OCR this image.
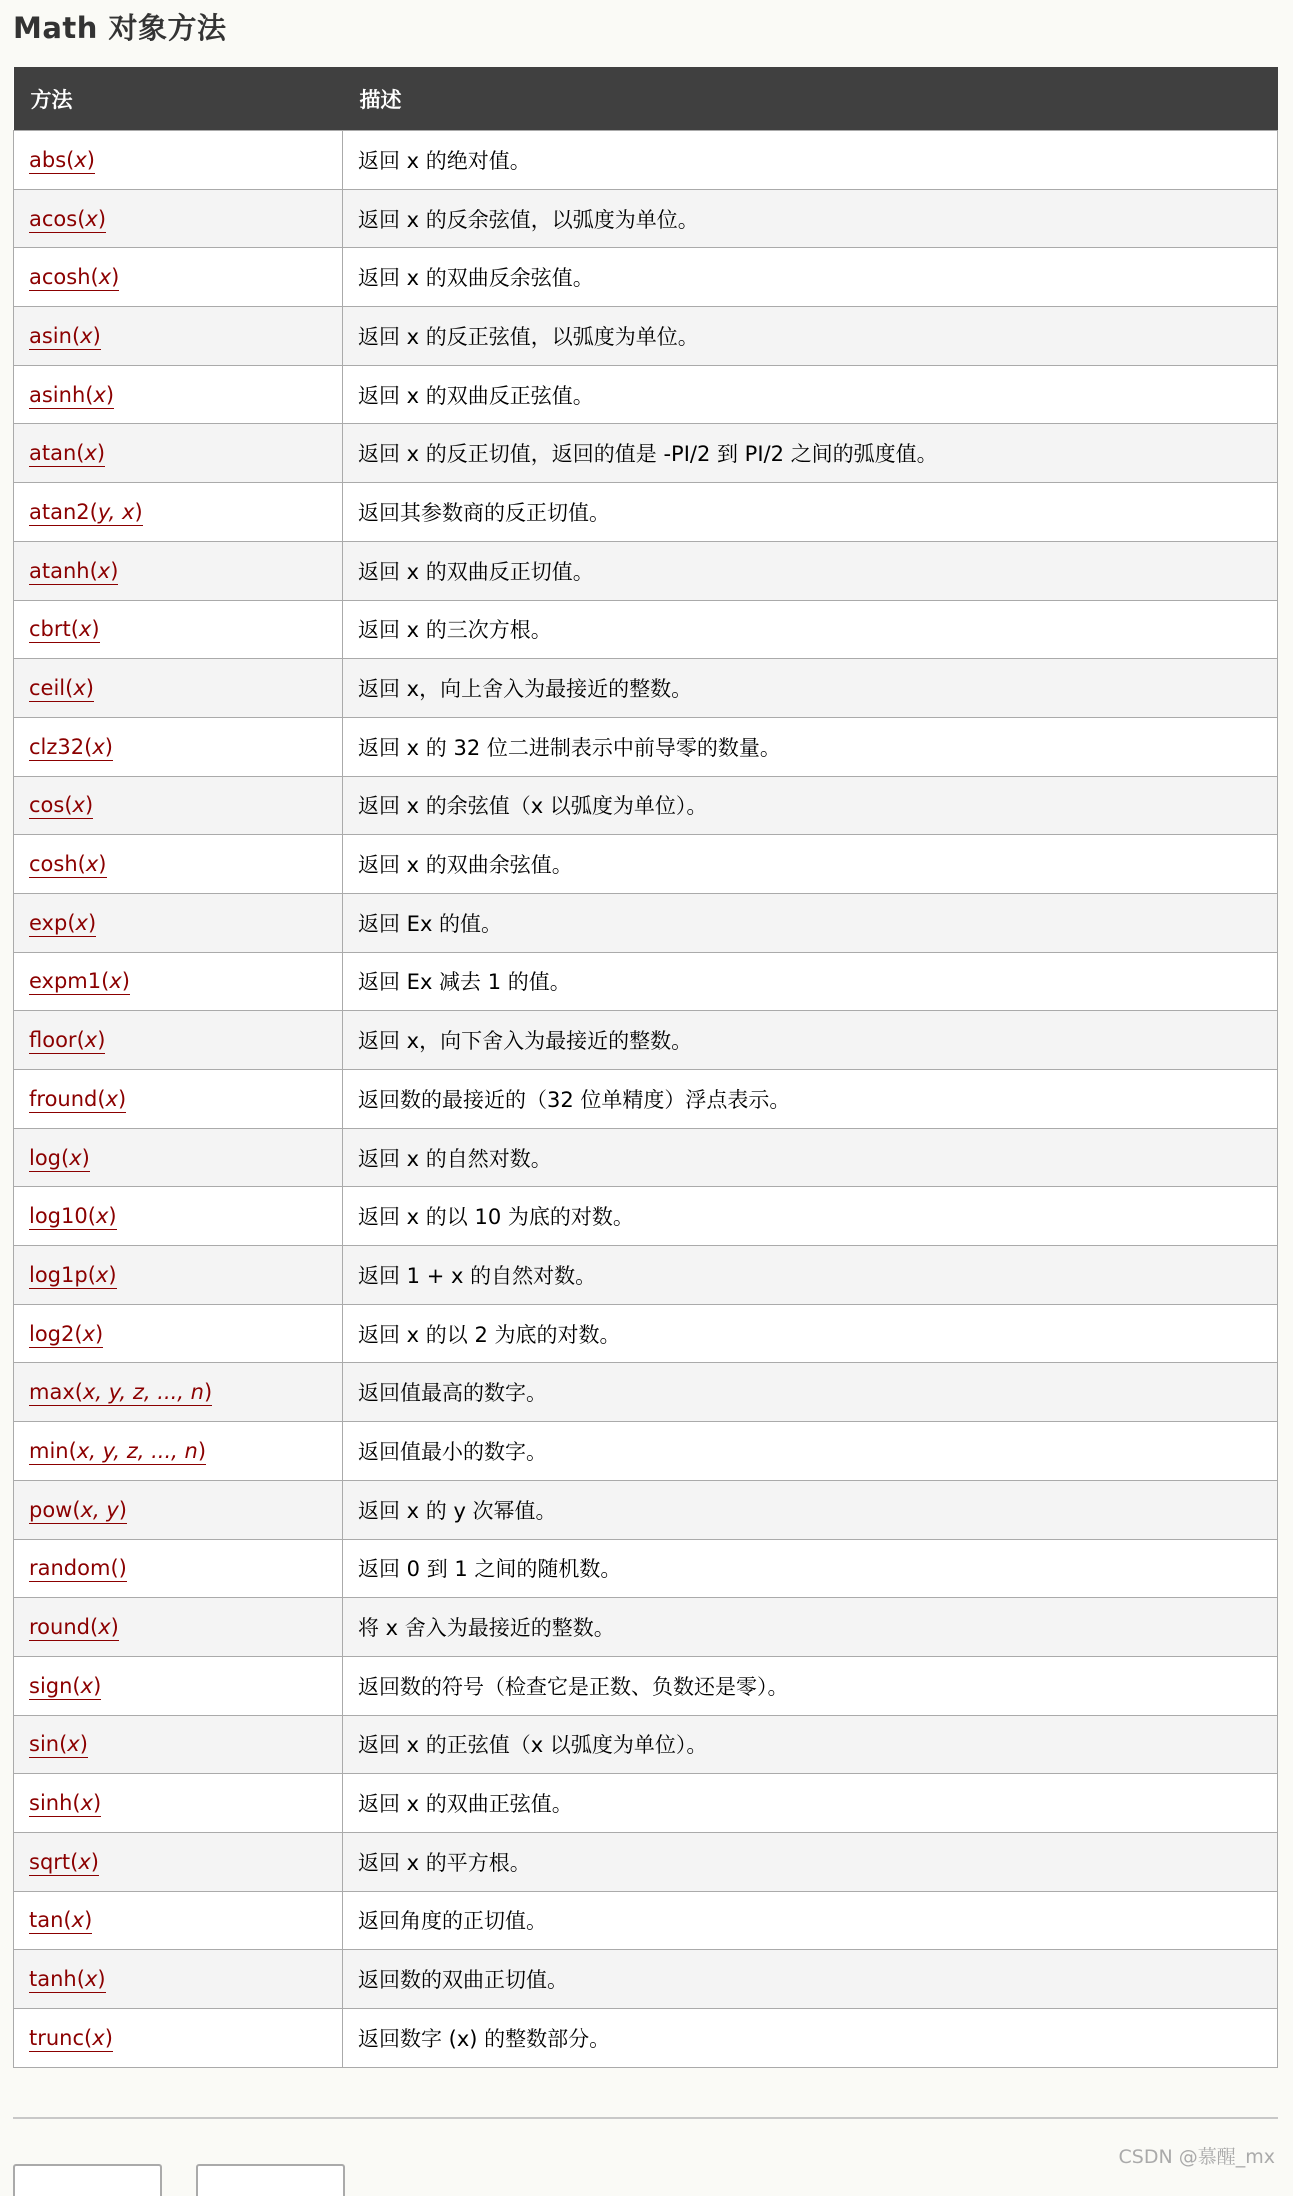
Math 对象方法
方法	描述
abs(x)	返回 x 的绝对值。
acos(x)	返回 x 的反余弦值，以弧度为单位。
acosh(x)	返回 x 的双曲反余弦值。
asin(x)	返回 x 的反正弦值，以弧度为单位。
asinh(x)	返回 x 的双曲反正弦值。
atan(x)	返回 x 的反正切值，返回的值是 -PI/2 到 PI/2 之间的弧度值。
atan2(y, x)	返回其参数商的反正切值。
atanh(x)	返回 x 的双曲反正切值。
cbrt(x)	返回 x 的三次方根。
ceil(x)	返回 x，向上舍入为最接近的整数。
clz32(x)	返回 x 的 32 位二进制表示中前导零的数量。
cos(x)	返回 x 的余弦值（x 以弧度为单位）。
cosh(x)	返回 x 的双曲余弦值。
exp(x)	返回 Ex 的值。
expm1(x)	返回 Ex 减去 1 的值。
floor(x)	返回 x，向下舍入为最接近的整数。
fround(x)	返回数的最接近的（32 位单精度）浮点表示。
log(x)	返回 x 的自然对数。
log10(x)	返回 x 的以 10 为底的对数。
log1p(x)	返回 1 + x 的自然对数。
log2(x)	返回 x 的以 2 为底的对数。
max(x, y, z, ..., n)	返回值最高的数字。
min(x, y, z, ..., n)	返回值最小的数字。
pow(x, y)	返回 x 的 y 次幂值。
random()	返回 0 到 1 之间的随机数。
round(x)	将 x 舍入为最接近的整数。
sign(x)	返回数的符号（检查它是正数、负数还是零）。
sin(x)	返回 x 的正弦值（x 以弧度为单位）。
sinh(x)	返回 x 的双曲正弦值。
sqrt(x)	返回 x 的平方根。
tan(x)	返回角度的正切值。
tanh(x)	返回数的双曲正切值。
trunc(x)	返回数字 (x) 的整数部分。
CSDN @慕醒_mx
